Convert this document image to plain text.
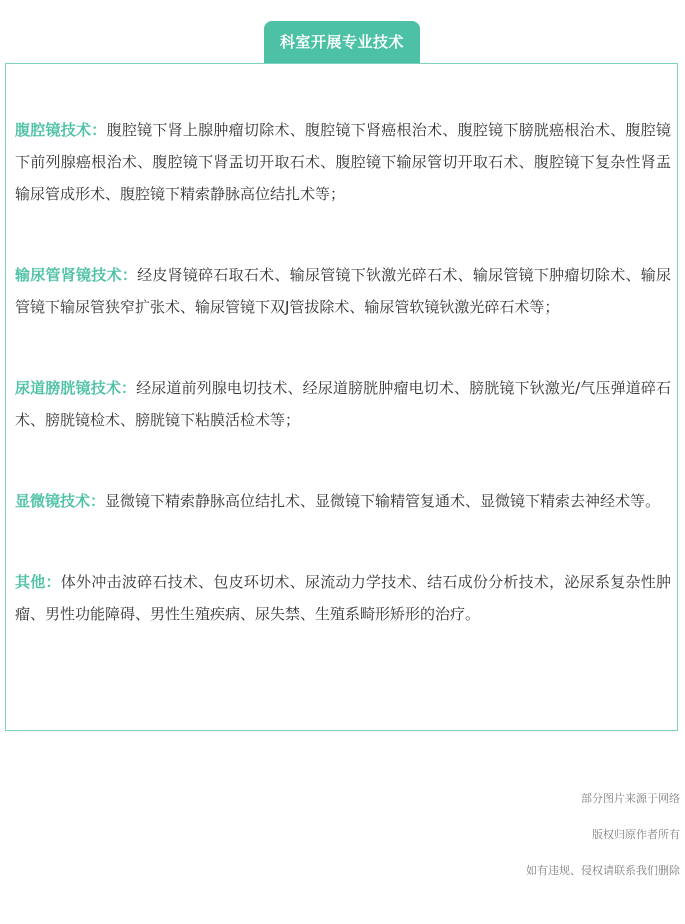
科室开展专业技术

腹腔镜技术：腹腔镜下肾上腺肿瘤切除术、腹腔镜下肾癌根治术、腹腔镜下膀胱癌根治术、腹腔镜下前列腺癌根治术、腹腔镜下肾盂切开取石术、腹腔镜下输尿管切开取石术、腹腔镜下复杂性肾盂输尿管成形术、腹腔镜下精索静脉高位结扎术等；

输尿管肾镜技术：经皮肾镜碎石取石术、输尿管镜下钬激光碎石术、输尿管镜下肿瘤切除术、输尿管镜下输尿管狭窄扩张术、输尿管镜下双J管拔除术、输尿管软镜钬激光碎石术等；

尿道膀胱镜技术：经尿道前列腺电切技术、经尿道膀胱肿瘤电切术、膀胱镜下钬激光/气压弹道碎石术、膀胱镜检术、膀胱镜下粘膜活检术等；

显微镜技术：显微镜下精索静脉高位结扎术、显微镜下输精管复通术、显微镜下精索去神经术等。

其他：体外冲击波碎石技术、包皮环切术、尿流动力学技术、结石成份分析技术，泌尿系复杂性肿瘤、男性功能障碍、男性生殖疾病、尿失禁、生殖系畸形矫形的治疗。

部分图片来源于网络
版权归原作者所有
如有违规、侵权请联系我们删除
